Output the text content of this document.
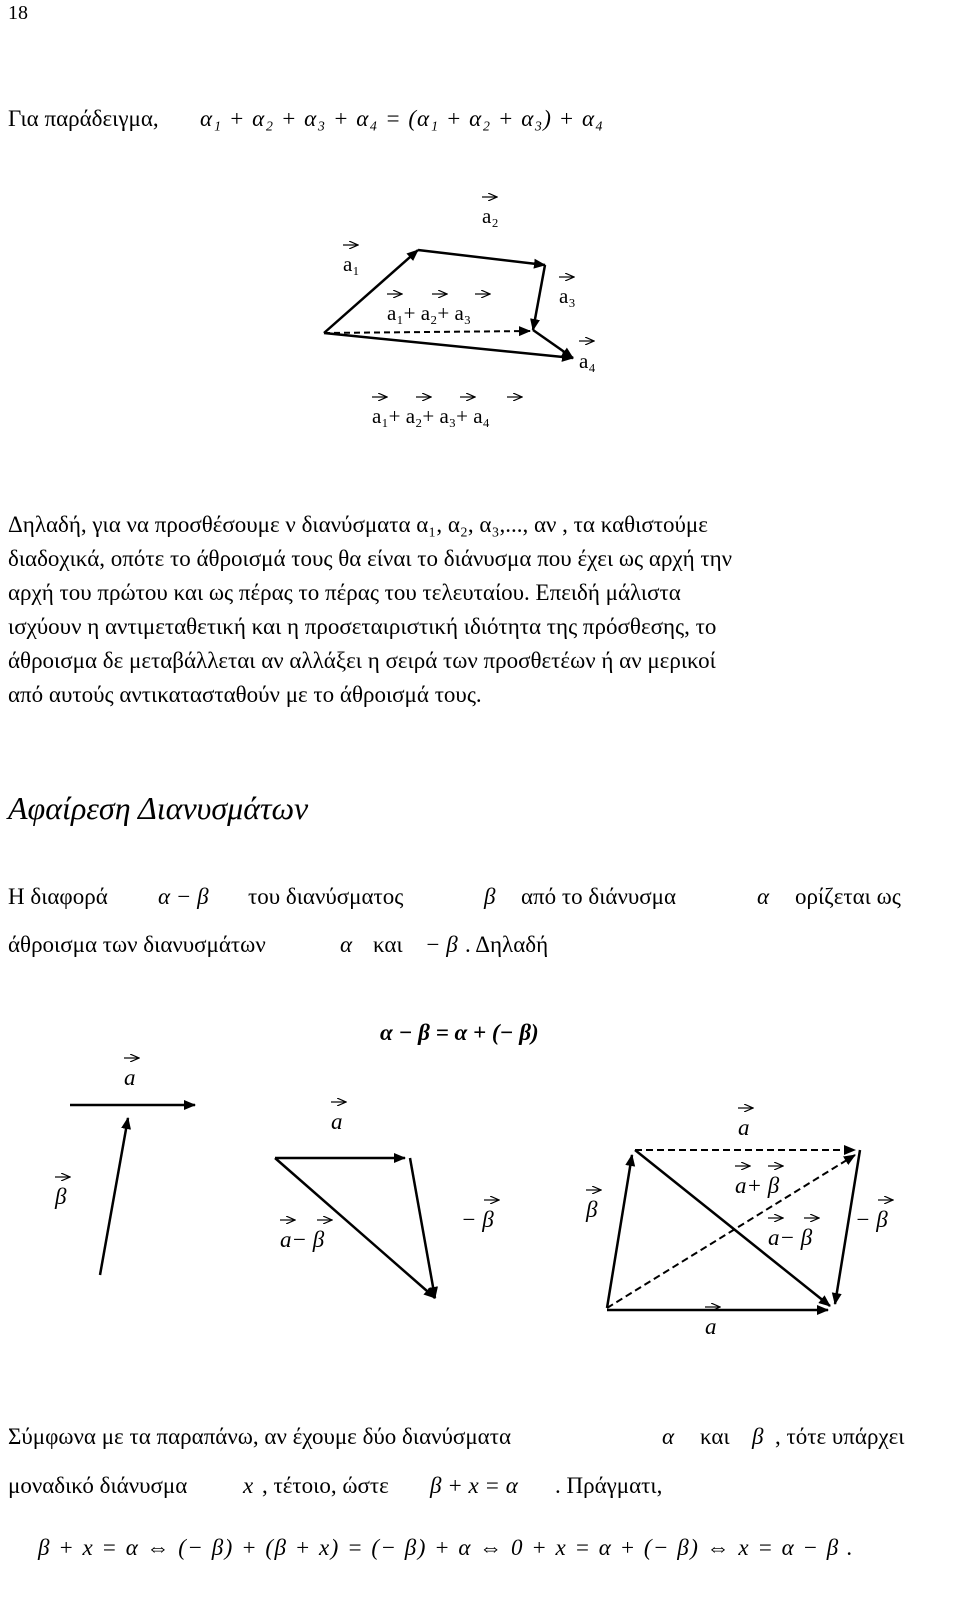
18
Για παράδειγμα, α₁ + α₂ + α₃ + α₄ = (α₁ + α₂ + α₃) + α₄
a₁
a₂
a₃
a₄
a₁+ a₂+ a₃
a₁+ a₂+ a₃+ a₄
Δηλαδή, για να προσθέσουμε ν διανύσματα α₁, α₂, α₃,..., αν , τα καθιστούμε
διαδοχικά, οπότε το άθροισμά τους θα είναι το διάνυσμα που έχει ως αρχή την
αρχή του πρώτου και ως πέρας το πέρας του τελευταίου. Επειδή μάλιστα
ισχύουν η αντιμεταθετική και η προσεταιριστική ιδιότητα της πρόσθεσης, το
άθροισμα δε μεταβάλλεται αν αλλάξει η σειρά των προσθετέων ή αν μερικοί
από αυτούς αντικατασταθούν με το άθροισμά τους.
Αφαίρεση Διανυσμάτων
Η διαφορά α − β του διανύσματος	β από το διάνυσμα	α ορίζεται ως
άθροισμα των διανυσμάτων	α και − β . Δηλαδή
α − β = α + (− β)
a
β
a
a− β
− β
a
β
a+ β
a− β
− β
a
Σύμφωνα με τα παραπάνω, αν έχουμε δύο διανύσματα	α και β , τότε υπάρχει
μοναδικό διάνυσμα x , τέτοιο, ώστε β + x = α . Πράγματι,
β + x = α ⇔ (− β) + (β + x) = (− β) + α ⇔ 0 + x = α + (− β) ⇔ x = α − β .
